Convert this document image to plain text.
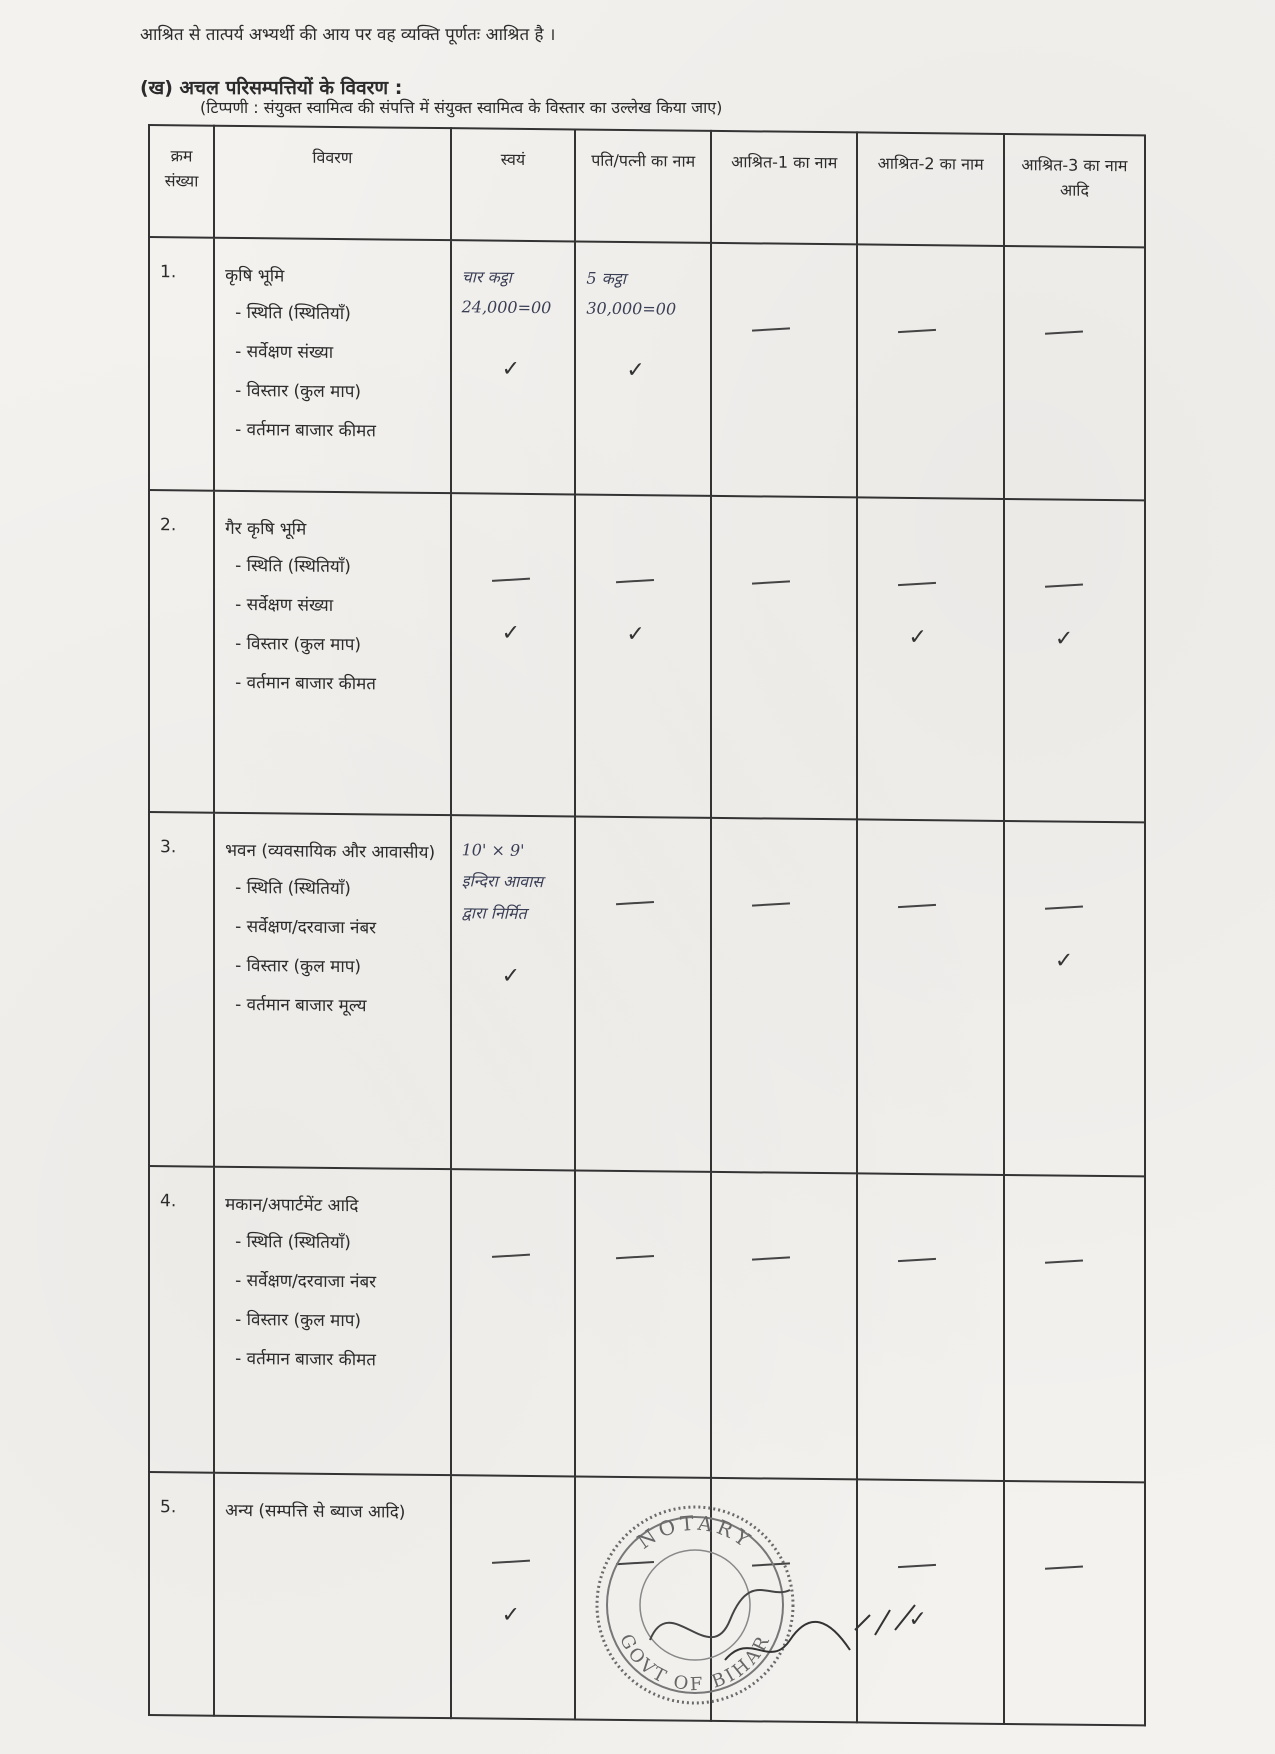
आश्रित से तात्पर्य अभ्यर्थी की आय पर वह व्यक्ति पूर्णतः आश्रित है ।
(ख) अचल परिसम्पत्तियों के विवरण :
(टिप्पणी : संयुक्त स्वामित्व की संपत्ति में संयुक्त स्वामित्व के विस्तार का उल्लेख किया जाए)
क्रम संख्या	विवरण	स्वयं	पति/पत्नी का नाम	आश्रित-1 का नाम	आश्रित-2 का नाम	आश्रित-3 का नाम आदि
1.	कृषि भूमि
- स्थिति (स्थितियाँ)
- सर्वेक्षण संख्या
- विस्तार (कुल माप)
- वर्तमान बाजार कीमत	चार कट्ठा
24,000=00
✓	5 कट्ठा
30,000=00
✓			

2.	गैर कृषि भूमि
- स्थिति (स्थितियाँ)
- सर्वेक्षण संख्या
- विस्तार (कुल माप)
- वर्तमान बाजार कीमत	✓	✓		✓	✓

3.	भवन (व्यवसायिक और आवासीय)
- स्थिति (स्थितियाँ)
- सर्वेक्षण/दरवाजा नंबर
- विस्तार (कुल माप)
- वर्तमान बाजार मूल्य	10' × 9'
इन्दिरा आवास
द्वारा निर्मित
✓				✓

4.	मकान/अपार्टमेंट आदि
- स्थिति (स्थितियाँ)
- सर्वेक्षण/दरवाजा नंबर
- विस्तार (कुल माप)
- वर्तमान बाजार कीमत					

5.	अन्य (सम्पत्ति से ब्याज आदि)	✓			✓	

NOTARY
GOVT OF BIHAR
